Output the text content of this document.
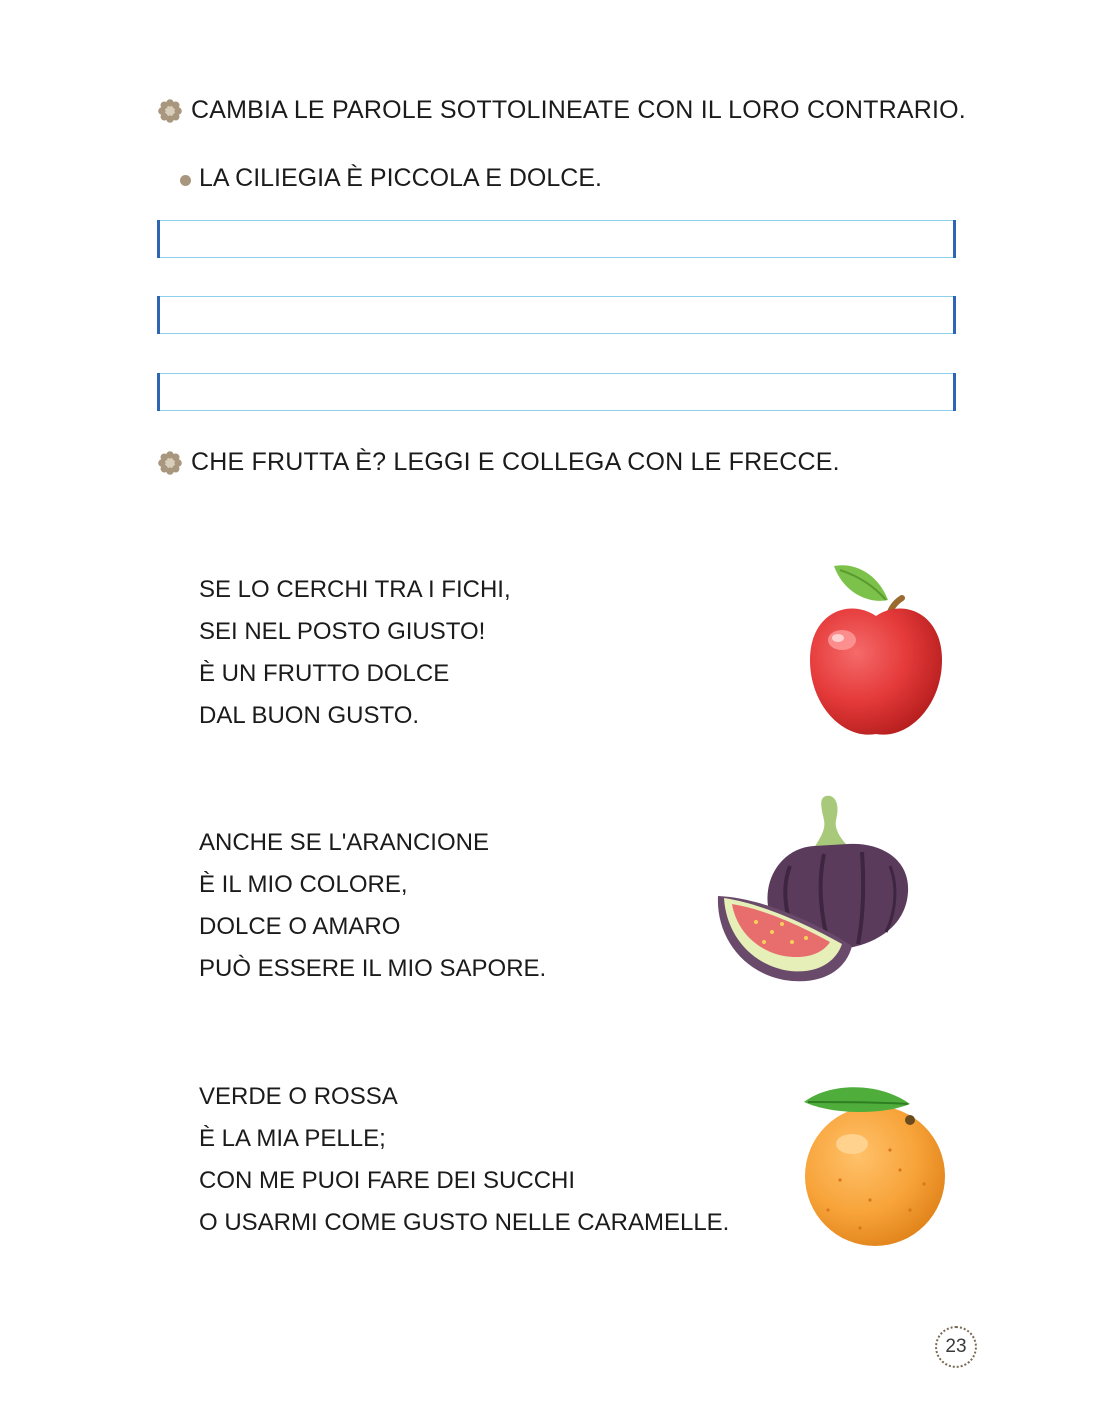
CAMBIA LE PAROLE SOTTOLINEATE CON IL LORO CONTRARIO.
LA CILIEGIA È PICCOLA E DOLCE.
CHE FRUTTA È? LEGGI E COLLEGA CON LE FRECCE.
SE LO CERCHI TRA I FICHI,
SEI NEL POSTO GIUSTO!
È UN FRUTTO DOLCE
DAL BUON GUSTO.
ANCHE SE L'ARANCIONE
È IL MIO COLORE,
DOLCE O AMARO
PUÒ ESSERE IL MIO SAPORE.
VERDE O ROSSA
È LA MIA PELLE;
CON ME PUOI FARE DEI SUCCHI
O USARMI COME GUSTO NELLE CARAMELLE.
23
